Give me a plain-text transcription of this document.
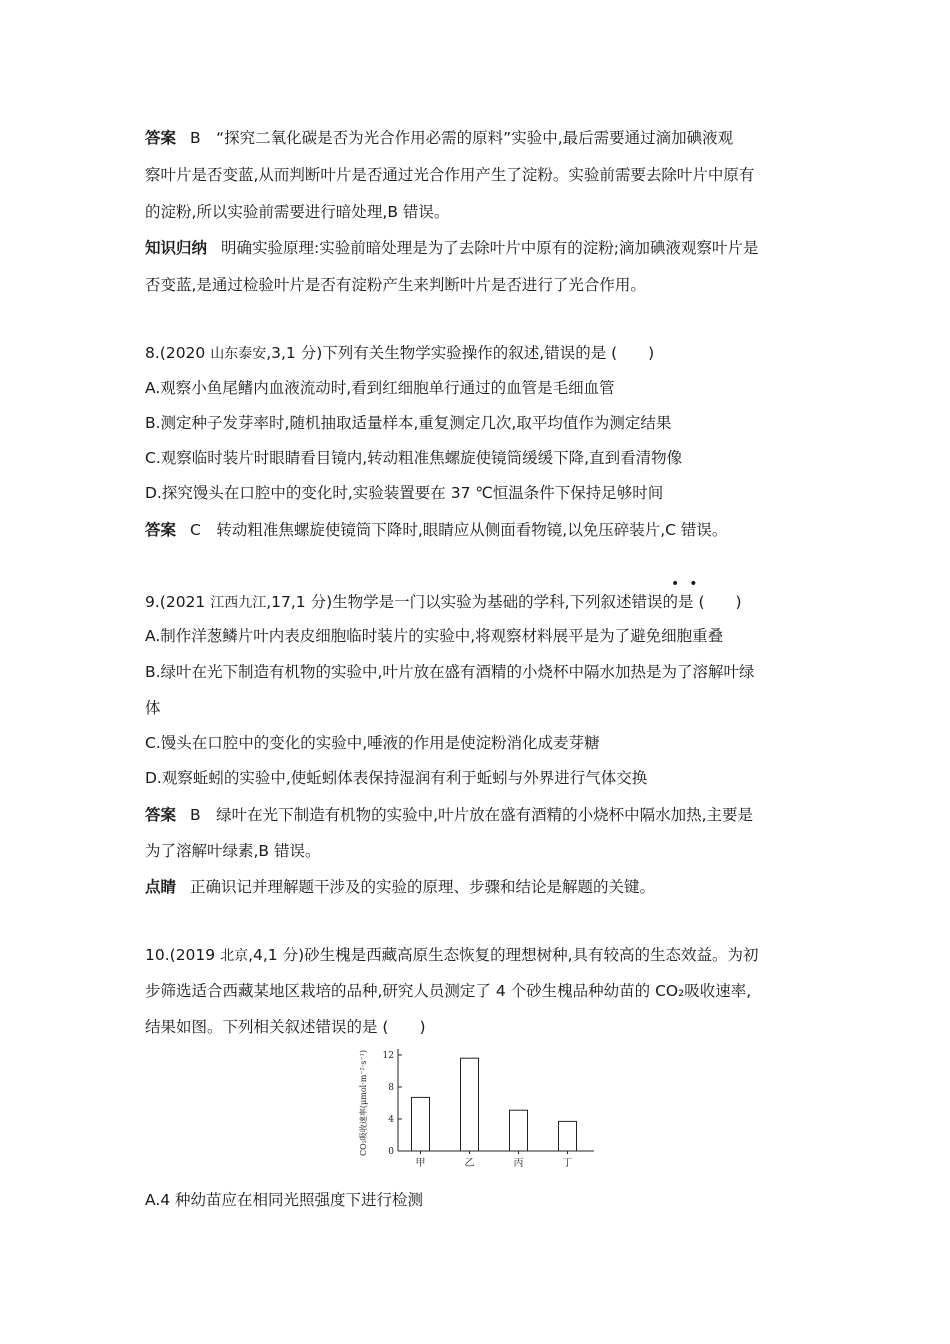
答案 B　“探究二氧化碳是否为光合作用必需的原料”实验中,最后需要通过滴加碘液观
察叶片是否变蓝,从而判断叶片是否通过光合作用产生了淀粉。实验前需要去除叶片中原有
的淀粉,所以实验前需要进行暗处理,B 错误。
知识归纳 明确实验原理:实验前暗处理是为了去除叶片中原有的淀粉;滴加碘液观察叶片是
否变蓝,是通过检验叶片是否有淀粉产生来判断叶片是否进行了光合作用。
8.(2020 山东泰安,3,1 分)下列有关生物学实验操作的叙述,错误的是 (　　)
A.观察小鱼尾鳍内血液流动时,看到红细胞单行通过的血管是毛细血管
B.测定种子发芽率时,随机抽取适量样本,重复测定几次,取平均值作为测定结果
C.观察临时装片时眼睛看目镜内,转动粗准焦螺旋使镜筒缓缓下降,直到看清物像
D.探究馒头在口腔中的变化时,实验装置要在 37 ℃恒温条件下保持足够时间
答案 C　转动粗准焦螺旋使镜筒下降时,眼睛应从侧面看物镜,以免压碎装片,C 错误。
••
9.(2021 江西九江,17,1 分)生物学是一门以实验为基础的学科,下列叙述错误的是 (　　)
A.制作洋葱鳞片叶内表皮细胞临时装片的实验中,将观察材料展平是为了避免细胞重叠
B.绿叶在光下制造有机物的实验中,叶片放在盛有酒精的小烧杯中隔水加热是为了溶解叶绿
体
C.馒头在口腔中的变化的实验中,唾液的作用是使淀粉消化成麦芽糖
D.观察蚯蚓的实验中,使蚯蚓体表保持湿润有利于蚯蚓与外界进行气体交换
答案 B　绿叶在光下制造有机物的实验中,叶片放在盛有酒精的小烧杯中隔水加热,主要是
为了溶解叶绿素,B 错误。
点睛 正确识记并理解题干涉及的实验的原理、步骤和结论是解题的关键。
10.(2019 北京,4,1 分)砂生槐是西藏高原生态恢复的理想树种,具有较高的生态效益。为初
步筛选适合西藏某地区栽培的品种,研究人员测定了 4 个砂生槐品种幼苗的 CO₂吸收速率,
结果如图。下列相关叙述错误的是 (　　)
0
4
8
12
甲	乙	丙	丁
CO₂吸收速率(μmol·m⁻²·s⁻¹)
A.4 种幼苗应在相同光照强度下进行检测
